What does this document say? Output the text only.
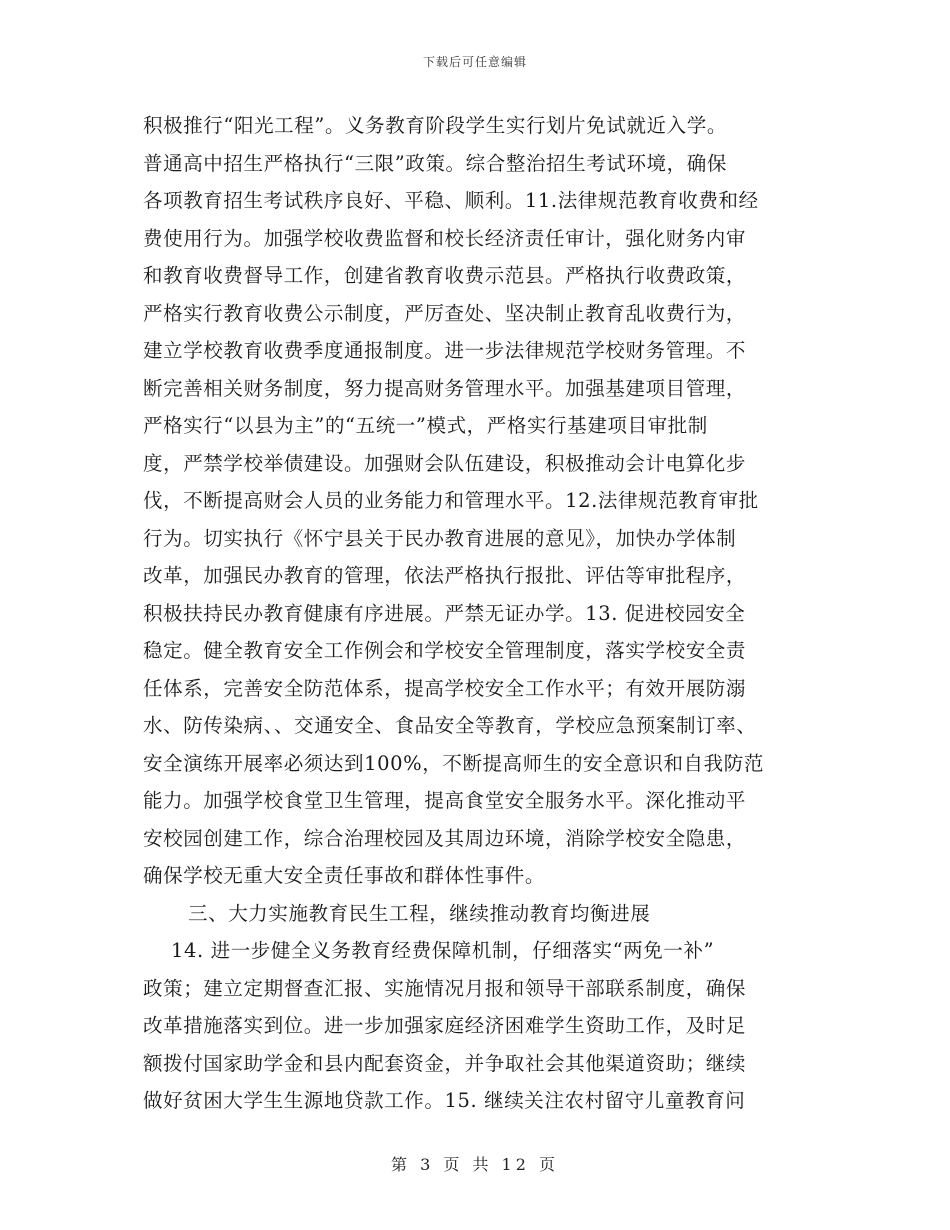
下载后可任意编辑
积极推行“阳光工程”。义务教育阶段学生实行划片免试就近入学。
普通高中招生严格执行“三限”政策。综合整治招生考试环境，确保
各项教育招生考试秩序良好、平稳、顺利。11.法律规范教育收费和经
费使用行为。加强学校收费监督和校长经济责任审计，强化财务内审
和教育收费督导工作，创建省教育收费示范县。严格执行收费政策，
严格实行教育收费公示制度，严厉查处、坚决制止教育乱收费行为，
建立学校教育收费季度通报制度。进一步法律规范学校财务管理。不
断完善相关财务制度，努力提高财务管理水平。加强基建项目管理，
严格实行“以县为主”的“五统一”模式，严格实行基建项目审批制
度，严禁学校举债建设。加强财会队伍建设，积极推动会计电算化步
伐，不断提高财会人员的业务能力和管理水平。12.法律规范教育审批
行为。切实执行《怀宁县关于民办教育进展的意见》，加快办学体制
改革，加强民办教育的管理，依法严格执行报批、评估等审批程序，
积极扶持民办教育健康有序进展。严禁无证办学。13. 促进校园安全
稳定。健全教育安全工作例会和学校安全管理制度，落实学校安全责
任体系，完善安全防范体系，提高学校安全工作水平；有效开展防溺
水、防传染病、、交通安全、食品安全等教育，学校应急预案制订率、
安全演练开展率必须达到100%，不断提高师生的安全意识和自我防范
能力。加强学校食堂卫生管理，提高食堂安全服务水平。深化推动平
安校园创建工作，综合治理校园及其周边环境，消除学校安全隐患，
确保学校无重大安全责任事故和群体性事件。
三、大力实施教育民生工程，继续推动教育均衡进展
14. 进一步健全义务教育经费保障机制，仔细落实“两免一补”
政策；建立定期督查汇报、实施情况月报和领导干部联系制度，确保
改革措施落实到位。进一步加强家庭经济困难学生资助工作，及时足
额拨付国家助学金和县内配套资金，并争取社会其他渠道资助；继续
做好贫困大学生生源地贷款工作。15. 继续关注农村留守儿童教育问
第 3 页 共 12 页
